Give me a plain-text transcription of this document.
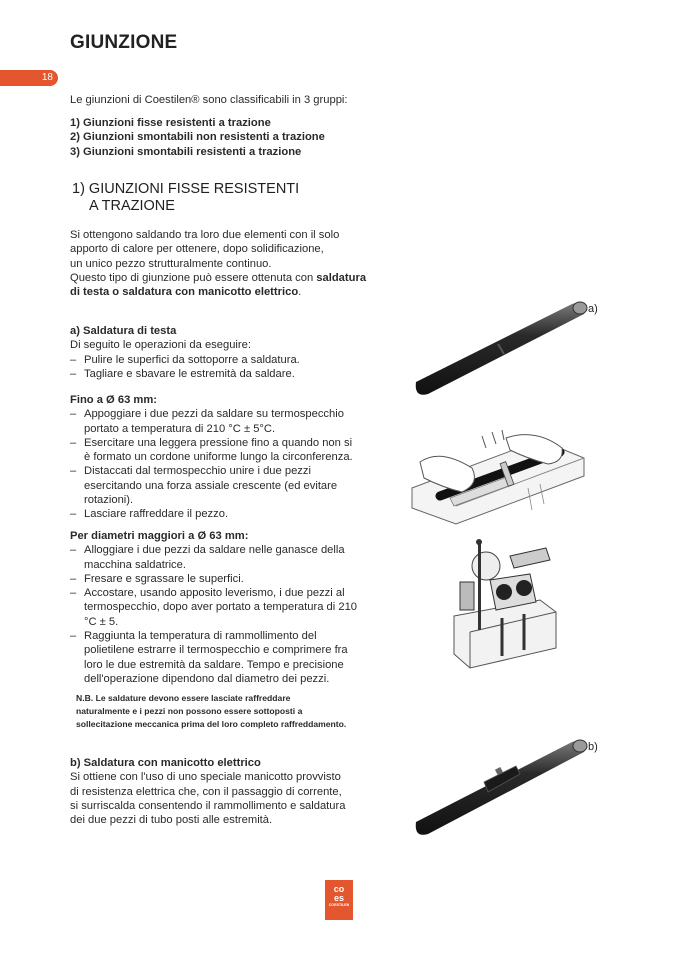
GIUNZIONE
18
Le giunzioni di Coestilen® sono classificabili in 3 gruppi:
1) Giunzioni fisse resistenti a trazione
2) Giunzioni smontabili non resistenti a trazione
3) Giunzioni smontabili resistenti a trazione
1) GIUNZIONI FISSE RESISTENTI
A TRAZIONE
Si ottengono saldando tra loro due elementi con il solo
apporto di calore per ottenere, dopo solidificazione,
un unico pezzo strutturalmente continuo.
Questo tipo di giunzione può essere ottenuta con saldatura
di testa o saldatura con manicotto elettrico.
a) Saldatura di testa
Di seguito le operazioni da eseguire:
– Pulire le superfici da sottoporre a saldatura.
– Tagliare e sbavare le estremità da saldare.
Fino a Ø 63 mm:
– Appoggiare i due pezzi da saldare su termospecchio portato a temperatura di 210 °C ± 5°C.
– Esercitare una leggera pressione fino a quando non si è formato un cordone uniforme lungo la circonferenza.
– Distaccati dal termospecchio unire i due pezzi esercitando una forza assiale crescente (ed evitare rotazioni).
– Lasciare raffreddare il pezzo.
Per diametri maggiori a Ø 63 mm:
– Alloggiare i due pezzi da saldare nelle ganasce della macchina saldatrice.
– Fresare e sgrassare le superfici.
– Accostare, usando apposito leverismo, i due pezzi al termospecchio, dopo aver portato a temperatura di 210 °C ± 5.
– Raggiunta la temperatura di rammollimento del polietilene estrarre il termospecchio e comprimere fra loro le due estremità da saldare. Tempo e precisione dell'operazione dipendono dal diametro dei pezzi.
N.B. Le saldature devono essere lasciate raffreddare
naturalmente e i pezzi non possono essere sottoposti a
sollecitazione meccanica prima del loro completo raffreddamento.
b) Saldatura con manicotto elettrico
Si ottiene con l'uso di uno speciale manicotto provvisto
di resistenza elettrica che, con il passaggio di corrente,
si surriscalda consentendo il rammollimento e saldatura
dei due pezzi di tubo posti alle estremità.
a)
b)
co
es
COESTILEN
